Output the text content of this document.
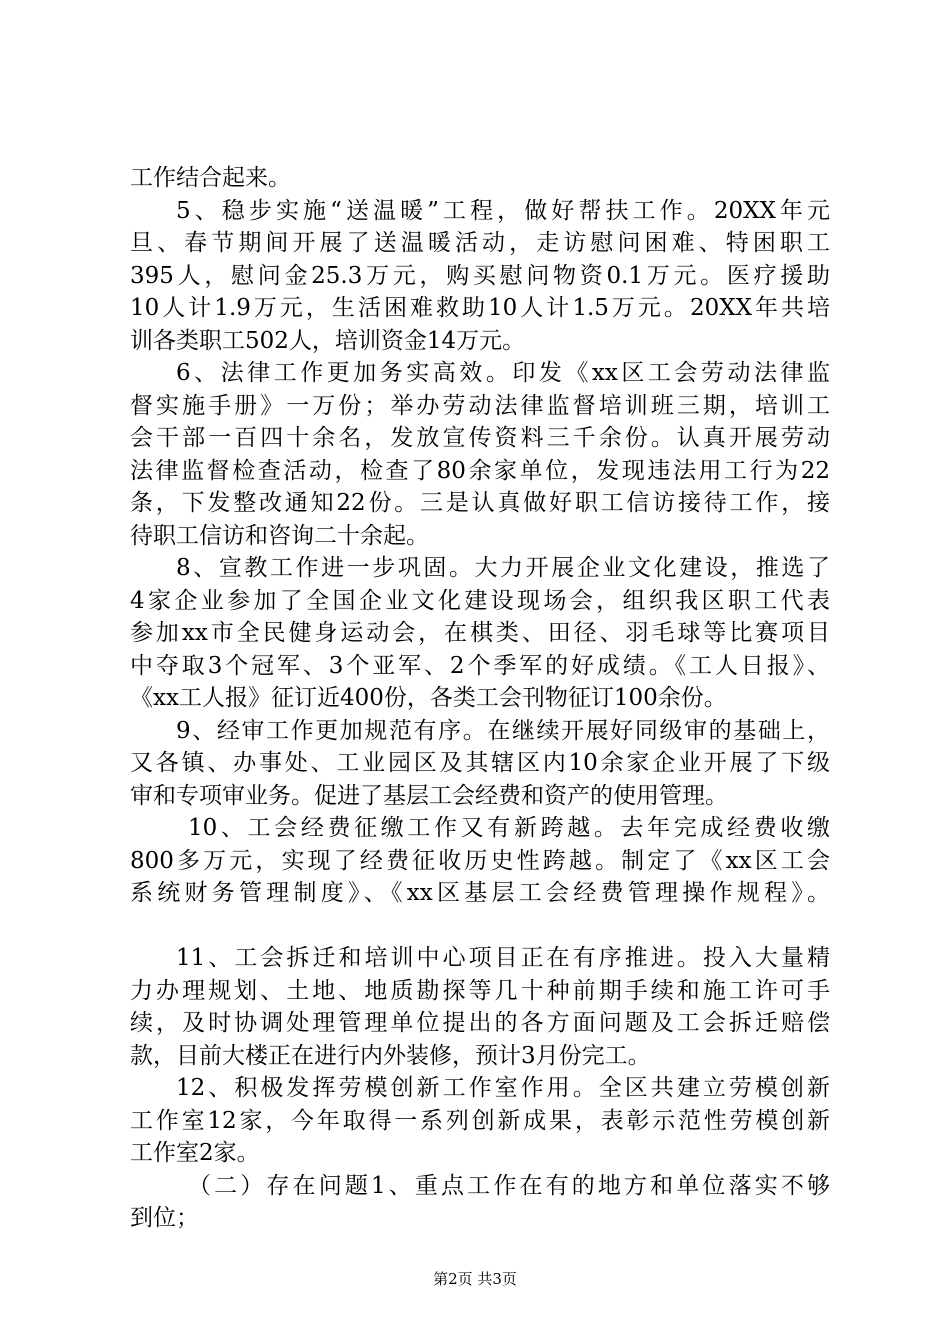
工作结合起来。
5、稳步实施“送温暖”工程，做好帮扶工作。20XX年元
旦、春节期间开展了送温暖活动，走访慰问困难、特困职工
395人，慰问金25.3万元，购买慰问物资0.1万元。医疗援助
10人计1.9万元，生活困难救助10人计1.5万元。20XX年共培
训各类职工502人，培训资金14万元。
6、法律工作更加务实高效。印发《xx区工会劳动法律监
督实施手册》一万份；举办劳动法律监督培训班三期，培训工
会干部一百四十余名，发放宣传资料三千余份。认真开展劳动
法律监督检查活动，检查了80余家单位，发现违法用工行为22
条，下发整改通知22份。三是认真做好职工信访接待工作，接
待职工信访和咨询二十余起。
8、宣教工作进一步巩固。大力开展企业文化建设，推选了
4家企业参加了全国企业文化建设现场会，组织我区职工代表
参加xx市全民健身运动会，在棋类、田径、羽毛球等比赛项目
中夺取3个冠军、3个亚军、2个季军的好成绩。《工人日报》、
《xx工人报》征订近400份，各类工会刊物征订100余份。
9、经审工作更加规范有序。在继续开展好同级审的基础上，
又各镇、办事处、工业园区及其辖区内10余家企业开展了下级
审和专项审业务。促进了基层工会经费和资产的使用管理。
10、工会经费征缴工作又有新跨越。去年完成经费收缴
800多万元，实现了经费征收历史性跨越。制定了《xx区工会
系统财务管理制度》、《xx区基层工会经费管理操作规程》。
11、工会拆迁和培训中心项目正在有序推进。投入大量精
力办理规划、土地、地质勘探等几十种前期手续和施工许可手
续，及时协调处理管理单位提出的各方面问题及工会拆迁赔偿
款，目前大楼正在进行内外装修，预计3月份完工。
12、积极发挥劳模创新工作室作用。全区共建立劳模创新
工作室12家，今年取得一系列创新成果，表彰示范性劳模创新
工作室2家。
（二）存在问题1、重点工作在有的地方和单位落实不够
到位；
第2页 共3页
